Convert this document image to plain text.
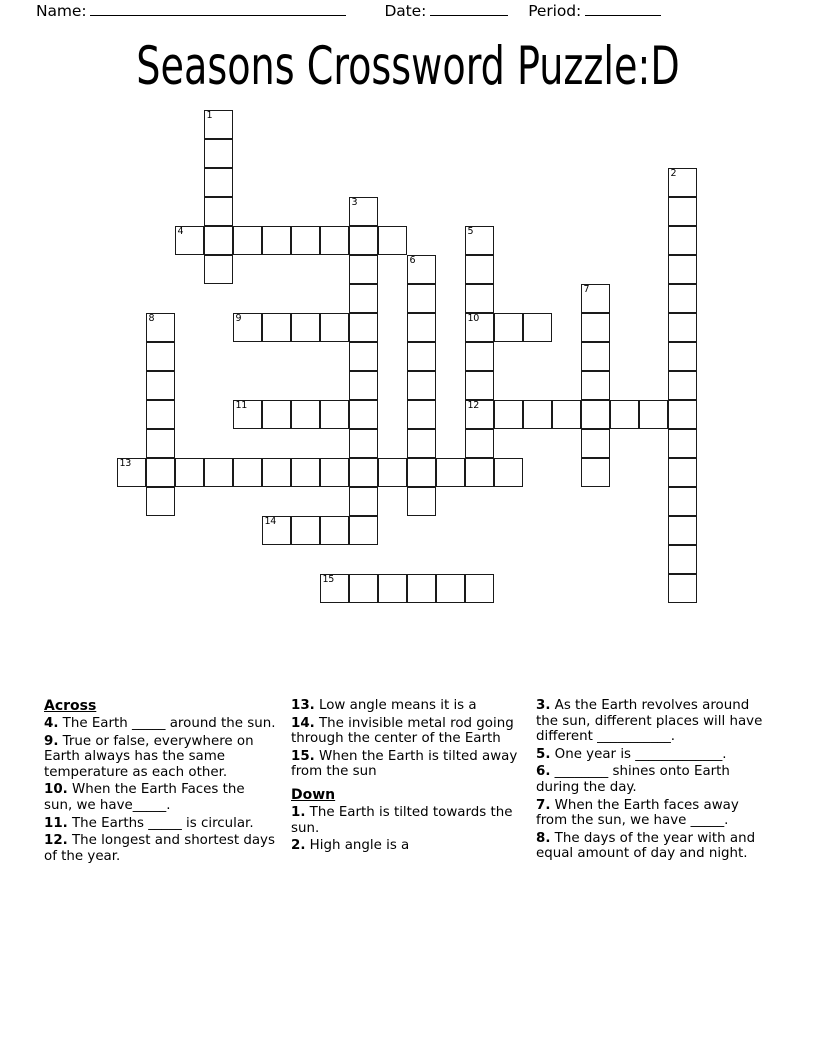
Name:	Date:	Period:
Seasons Crossword Puzzle:D
1
2
3
4	5
10
12
6
7
8	9
11
13
14
15
Across

4. The Earth _____ around the sun.

9. True or false, everywhere on Earth always has the same temperature as each other.

10. When the Earth Faces the sun, we have_____.

11. The Earths _____ is circular.

12. The longest and shortest days of the year.

13. Low angle means it is a

14. The invisible metal rod going through the center of the Earth

15. When the Earth is tilted away from the sun

Down

1. The Earth is tilted towards the sun.

2. High angle is a

3. As the Earth revolves around the sun, different places will have different ___________.

5. One year is _____________.

6. ________ shines onto Earth during the day.

7. When the Earth faces away from the sun, we have _____.

8. The days of the year with and equal amount of day and night.
